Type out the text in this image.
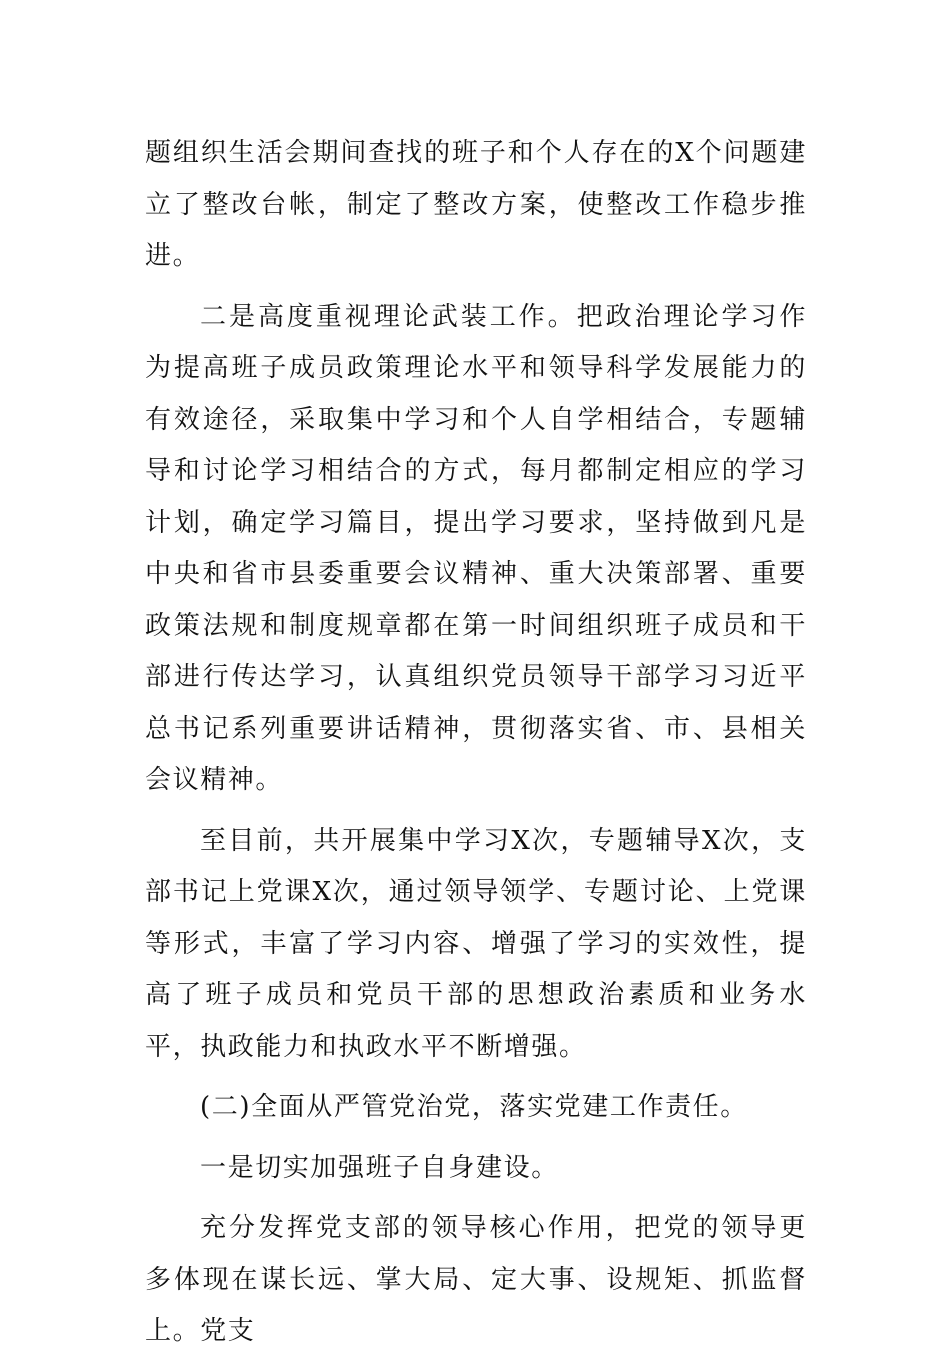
题组织生活会期间查找的班子和个人存在的X个问题建立了整改台帐，制定了整改方案，使整改工作稳步推进。

二是高度重视理论武装工作。把政治理论学习作为提高班子成员政策理论水平和领导科学发展能力的有效途径，采取集中学习和个人自学相结合，专题辅导和讨论学习相结合的方式，每月都制定相应的学习计划，确定学习篇目，提出学习要求，坚持做到凡是中央和省市县委重要会议精神、重大决策部署、重要政策法规和制度规章都在第一时间组织班子成员和干部进行传达学习，认真组织党员领导干部学习习近平总书记系列重要讲话精神，贯彻落实省、市、县相关会议精神。

至目前，共开展集中学习X次，专题辅导X次，支部书记上党课X次，通过领导领学、专题讨论、上党课等形式，丰富了学习内容、增强了学习的实效性，提高了班子成员和党员干部的思想政治素质和业务水平，执政能力和执政水平不断增强。

(二)全面从严管党治党，落实党建工作责任。

一是切实加强班子自身建设。

充分发挥党支部的领导核心作用，把党的领导更多体现在谋长远、掌大局、定大事、设规矩、抓监督上。党支
